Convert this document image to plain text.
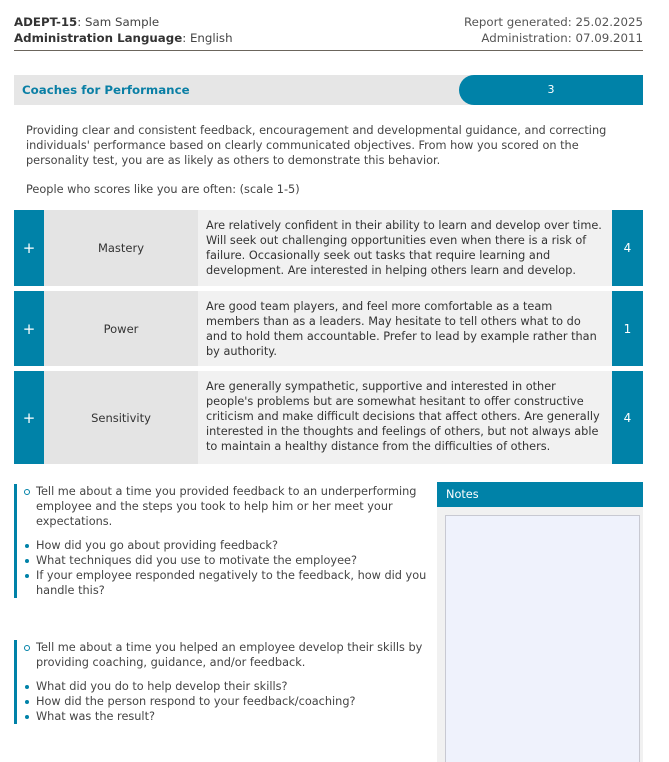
ADEPT-15: Sam Sample
Administration Language: English
Report generated: 25.02.2025
Administration: 07.09.2011
Coaches for Performance	3

Providing clear and consistent feedback, encouragement and developmental guidance, and correcting individuals' performance based on clearly communicated objectives. From how you scored on the personality test, you are as likely as others to demonstrate this behavior.

People who scores like you are often: (scale 1-5)

+	Mastery
Are relatively confident in their ability to learn and develop over time. Will seek out challenging opportunities even when there is a risk of failure. Occasionally seek out tasks that require learning and development. Are interested in helping others learn and develop.
4
+	Power
Are good team players, and feel more comfortable as a team members than as a leaders. May hesitate to tell others what to do and to hold them accountable. Prefer to lead by example rather than by authority.
1
+	Sensitivity
Are generally sympathetic, supportive and interested in other people's problems but are somewhat hesitant to offer constructive criticism and make difficult decisions that affect others. Are generally interested in the thoughts and feelings of others, but not always able to maintain a healthy distance from the difficulties of others.
4
Tell me about a time you provided feedback to an underperforming employee and the steps you took to help him or her meet your expectations.
How did you go about providing feedback?
What techniques did you use to motivate the employee?
If your employee responded negatively to the feedback, how did you handle this?
Tell me about a time you helped an employee develop their skills by providing coaching, guidance, and/or feedback.
What did you do to help develop their skills?
How did the person respond to your feedback/coaching?
What was the result?
Notes
